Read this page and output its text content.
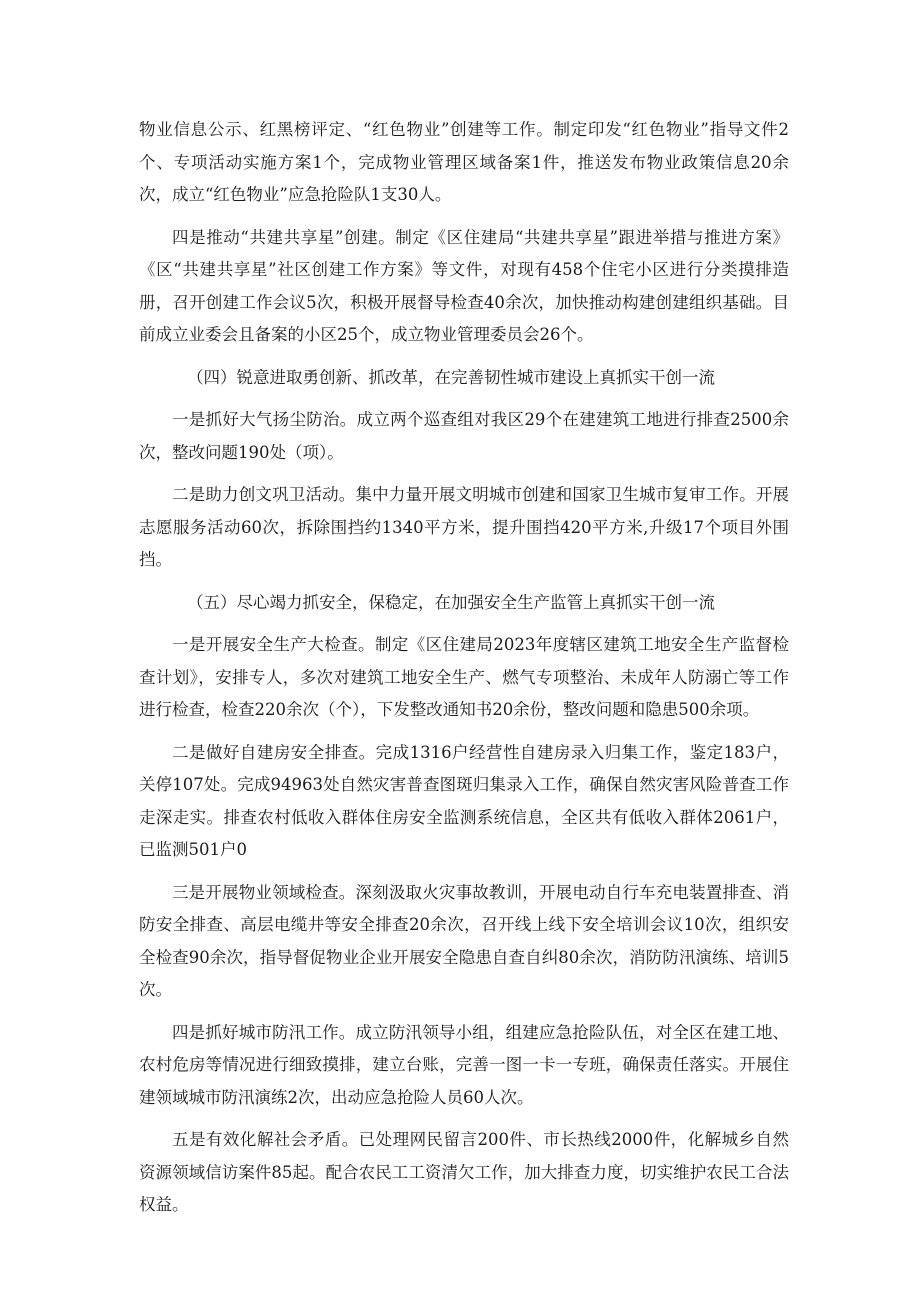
物业信息公示、红黑榜评定、“红色物业”创建等工作。制定印发“红色物业”指导文件2个、专项活动实施方案1个，完成物业管理区域备案1件，推送发布物业政策信息20余次，成立“红色物业”应急抢险队1支30人。

四是推动“共建共享星”创建。制定《区住建局“共建共享星”跟进举措与推进方案》《区“共建共享星”社区创建工作方案》等文件，对现有458个住宅小区进行分类摸排造册，召开创建工作会议5次，积极开展督导检查40余次，加快推动构建创建组织基础。目前成立业委会且备案的小区25个，成立物业管理委员会26个。

（四）锐意进取勇创新、抓改革，在完善韧性城市建设上真抓实干创一流

一是抓好大气扬尘防治。成立两个巡查组对我区29个在建建筑工地进行排查2500余次，整改问题190处（项）。

二是助力创文巩卫活动。集中力量开展文明城市创建和国家卫生城市复审工作。开展志愿服务活动60次，拆除围挡约1340平方米，提升围挡420平方米,升级17个项目外围挡。

（五）尽心竭力抓安全，保稳定，在加强安全生产监管上真抓实干创一流

一是开展安全生产大检查。制定《区住建局2023年度辖区建筑工地安全生产监督检查计划》，安排专人，多次对建筑工地安全生产、燃气专项整治、未成年人防溺亡等工作进行检查，检查220余次（个），下发整改通知书20余份，整改问题和隐患500余项。

二是做好自建房安全排查。完成1316户经营性自建房录入归集工作，鉴定183户，关停107处。完成94963处自然灾害普查图斑归集录入工作，确保自然灾害风险普查工作走深走实。排查农村低收入群体住房安全监测系统信息，全区共有低收入群体2061户，已监测501户0

三是开展物业领域检查。深刻汲取火灾事故教训，开展电动自行车充电装置排查、消防安全排查、高层电缆井等安全排查20余次，召开线上线下安全培训会议10次，组织安全检查90余次，指导督促物业企业开展安全隐患自查自纠80余次，消防防汛演练、培训5次。

四是抓好城市防汛工作。成立防汛领导小组，组建应急抢险队伍，对全区在建工地、农村危房等情况进行细致摸排，建立台账，完善一图一卡一专班，确保责任落实。开展住建领域城市防汛演练2次，出动应急抢险人员60人次。

五是有效化解社会矛盾。已处理网民留言200件、市长热线2000件，化解城乡自然资源领域信访案件85起。配合农民工工资清欠工作，加大排查力度，切实维护农民工合法权益。
